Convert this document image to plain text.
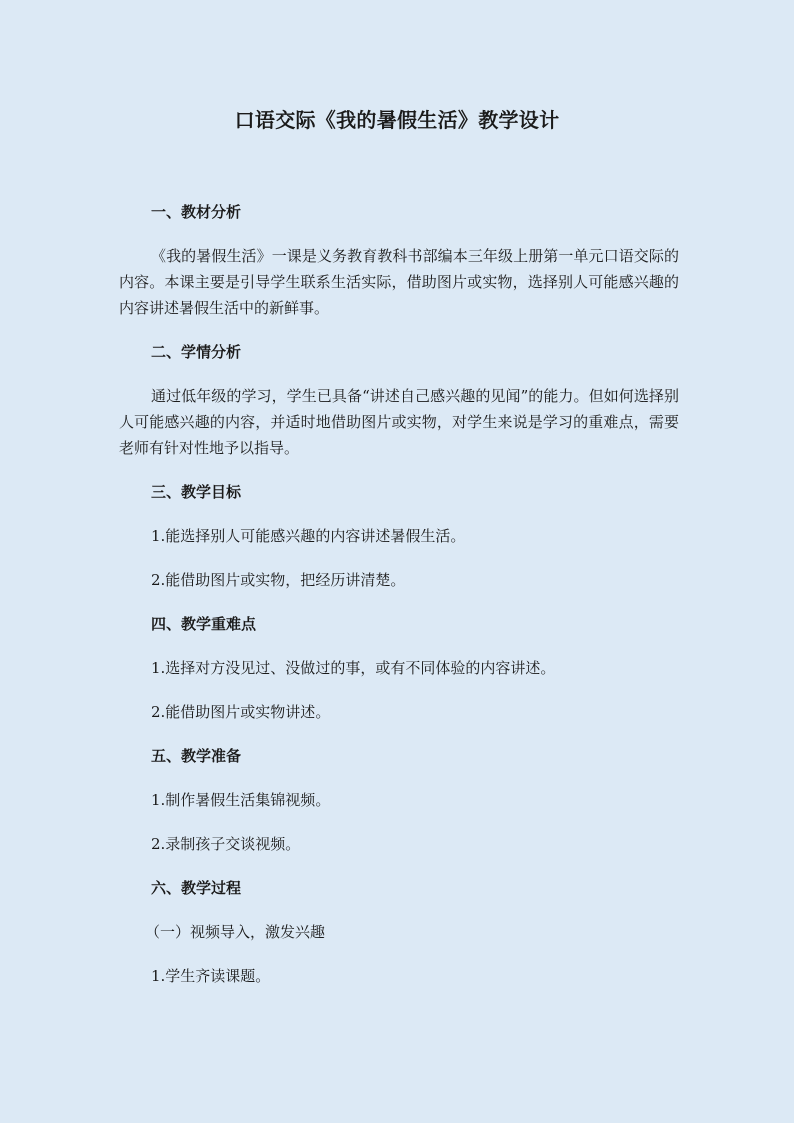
口语交际《我的暑假生活》教学设计
一、教材分析
《我的暑假生活》一课是义务教育教科书部编本三年级上册第一单元口语交际的内容。本课主要是引导学生联系生活实际，借助图片或实物，选择别人可能感兴趣的内容讲述暑假生活中的新鲜事。
二、学情分析
通过低年级的学习，学生已具备“讲述自己感兴趣的见闻”的能力。但如何选择别人可能感兴趣的内容，并适时地借助图片或实物，对学生来说是学习的重难点，需要老师有针对性地予以指导。
三、教学目标
1.能选择别人可能感兴趣的内容讲述暑假生活。
2.能借助图片或实物，把经历讲清楚。
四、教学重难点
1.选择对方没见过、没做过的事，或有不同体验的内容讲述。
2.能借助图片或实物讲述。
五、教学准备
1.制作暑假生活集锦视频。
2.录制孩子交谈视频。
六、教学过程
（一）视频导入，激发兴趣
1.学生齐读课题。
